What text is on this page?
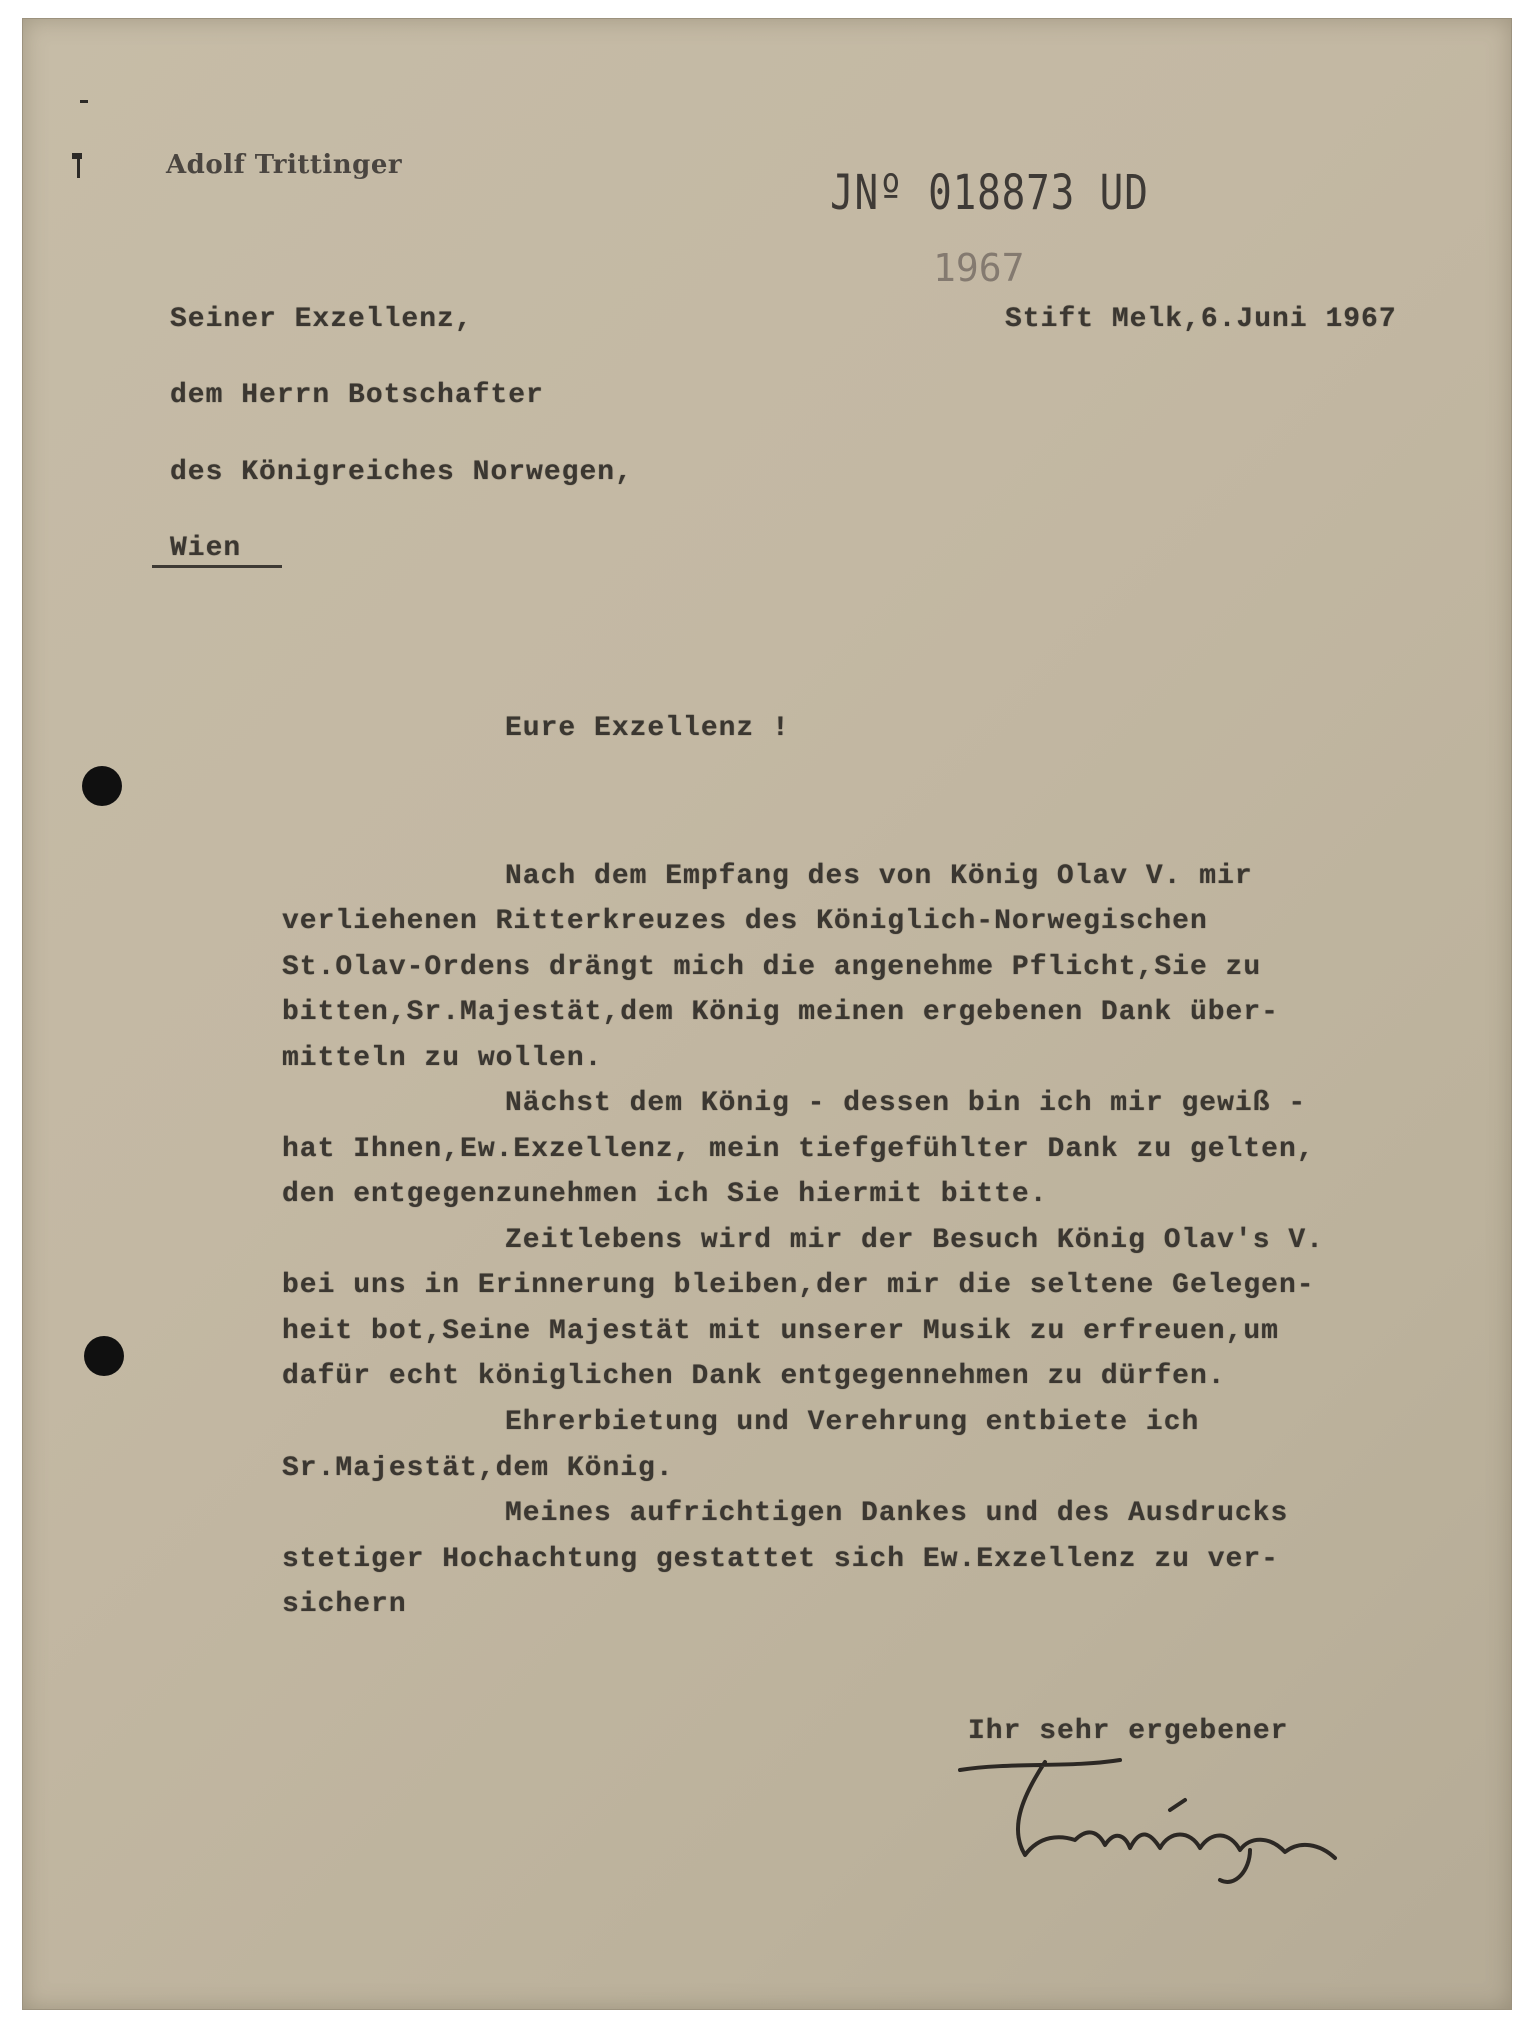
Adolf Trittinger	JNº 018873 UD
1967
Stift Melk,6.Juni 1967
Seiner Exzellenz,
dem Herrn Botschafter
des Königreiches Norwegen,
Wien
Eure Exzellenz !
Nach dem Empfang des von König Olav V. mir
verliehenen Ritterkreuzes des Königlich-Norwegischen
St.Olav-Ordens drängt mich die angenehme Pflicht,Sie zu
bitten,Sr.Majestät,dem König meinen ergebenen Dank über-
mitteln zu wollen.
Nächst dem König - dessen bin ich mir gewiß -
hat Ihnen,Ew.Exzellenz, mein tiefgefühlter Dank zu gelten,
den entgegenzunehmen ich Sie hiermit bitte.
Zeitlebens wird mir der Besuch König Olav's V.
bei uns in Erinnerung bleiben,der mir die seltene Gelegen-
heit bot,Seine Majestät mit unserer Musik zu erfreuen,um
dafür echt königlichen Dank entgegennehmen zu dürfen.
Ehrerbietung und Verehrung entbiete ich
Sr.Majestät,dem König.
Meines aufrichtigen Dankes und des Ausdrucks
stetiger Hochachtung gestattet sich Ew.Exzellenz zu ver-
sichern
Ihr sehr ergebener
